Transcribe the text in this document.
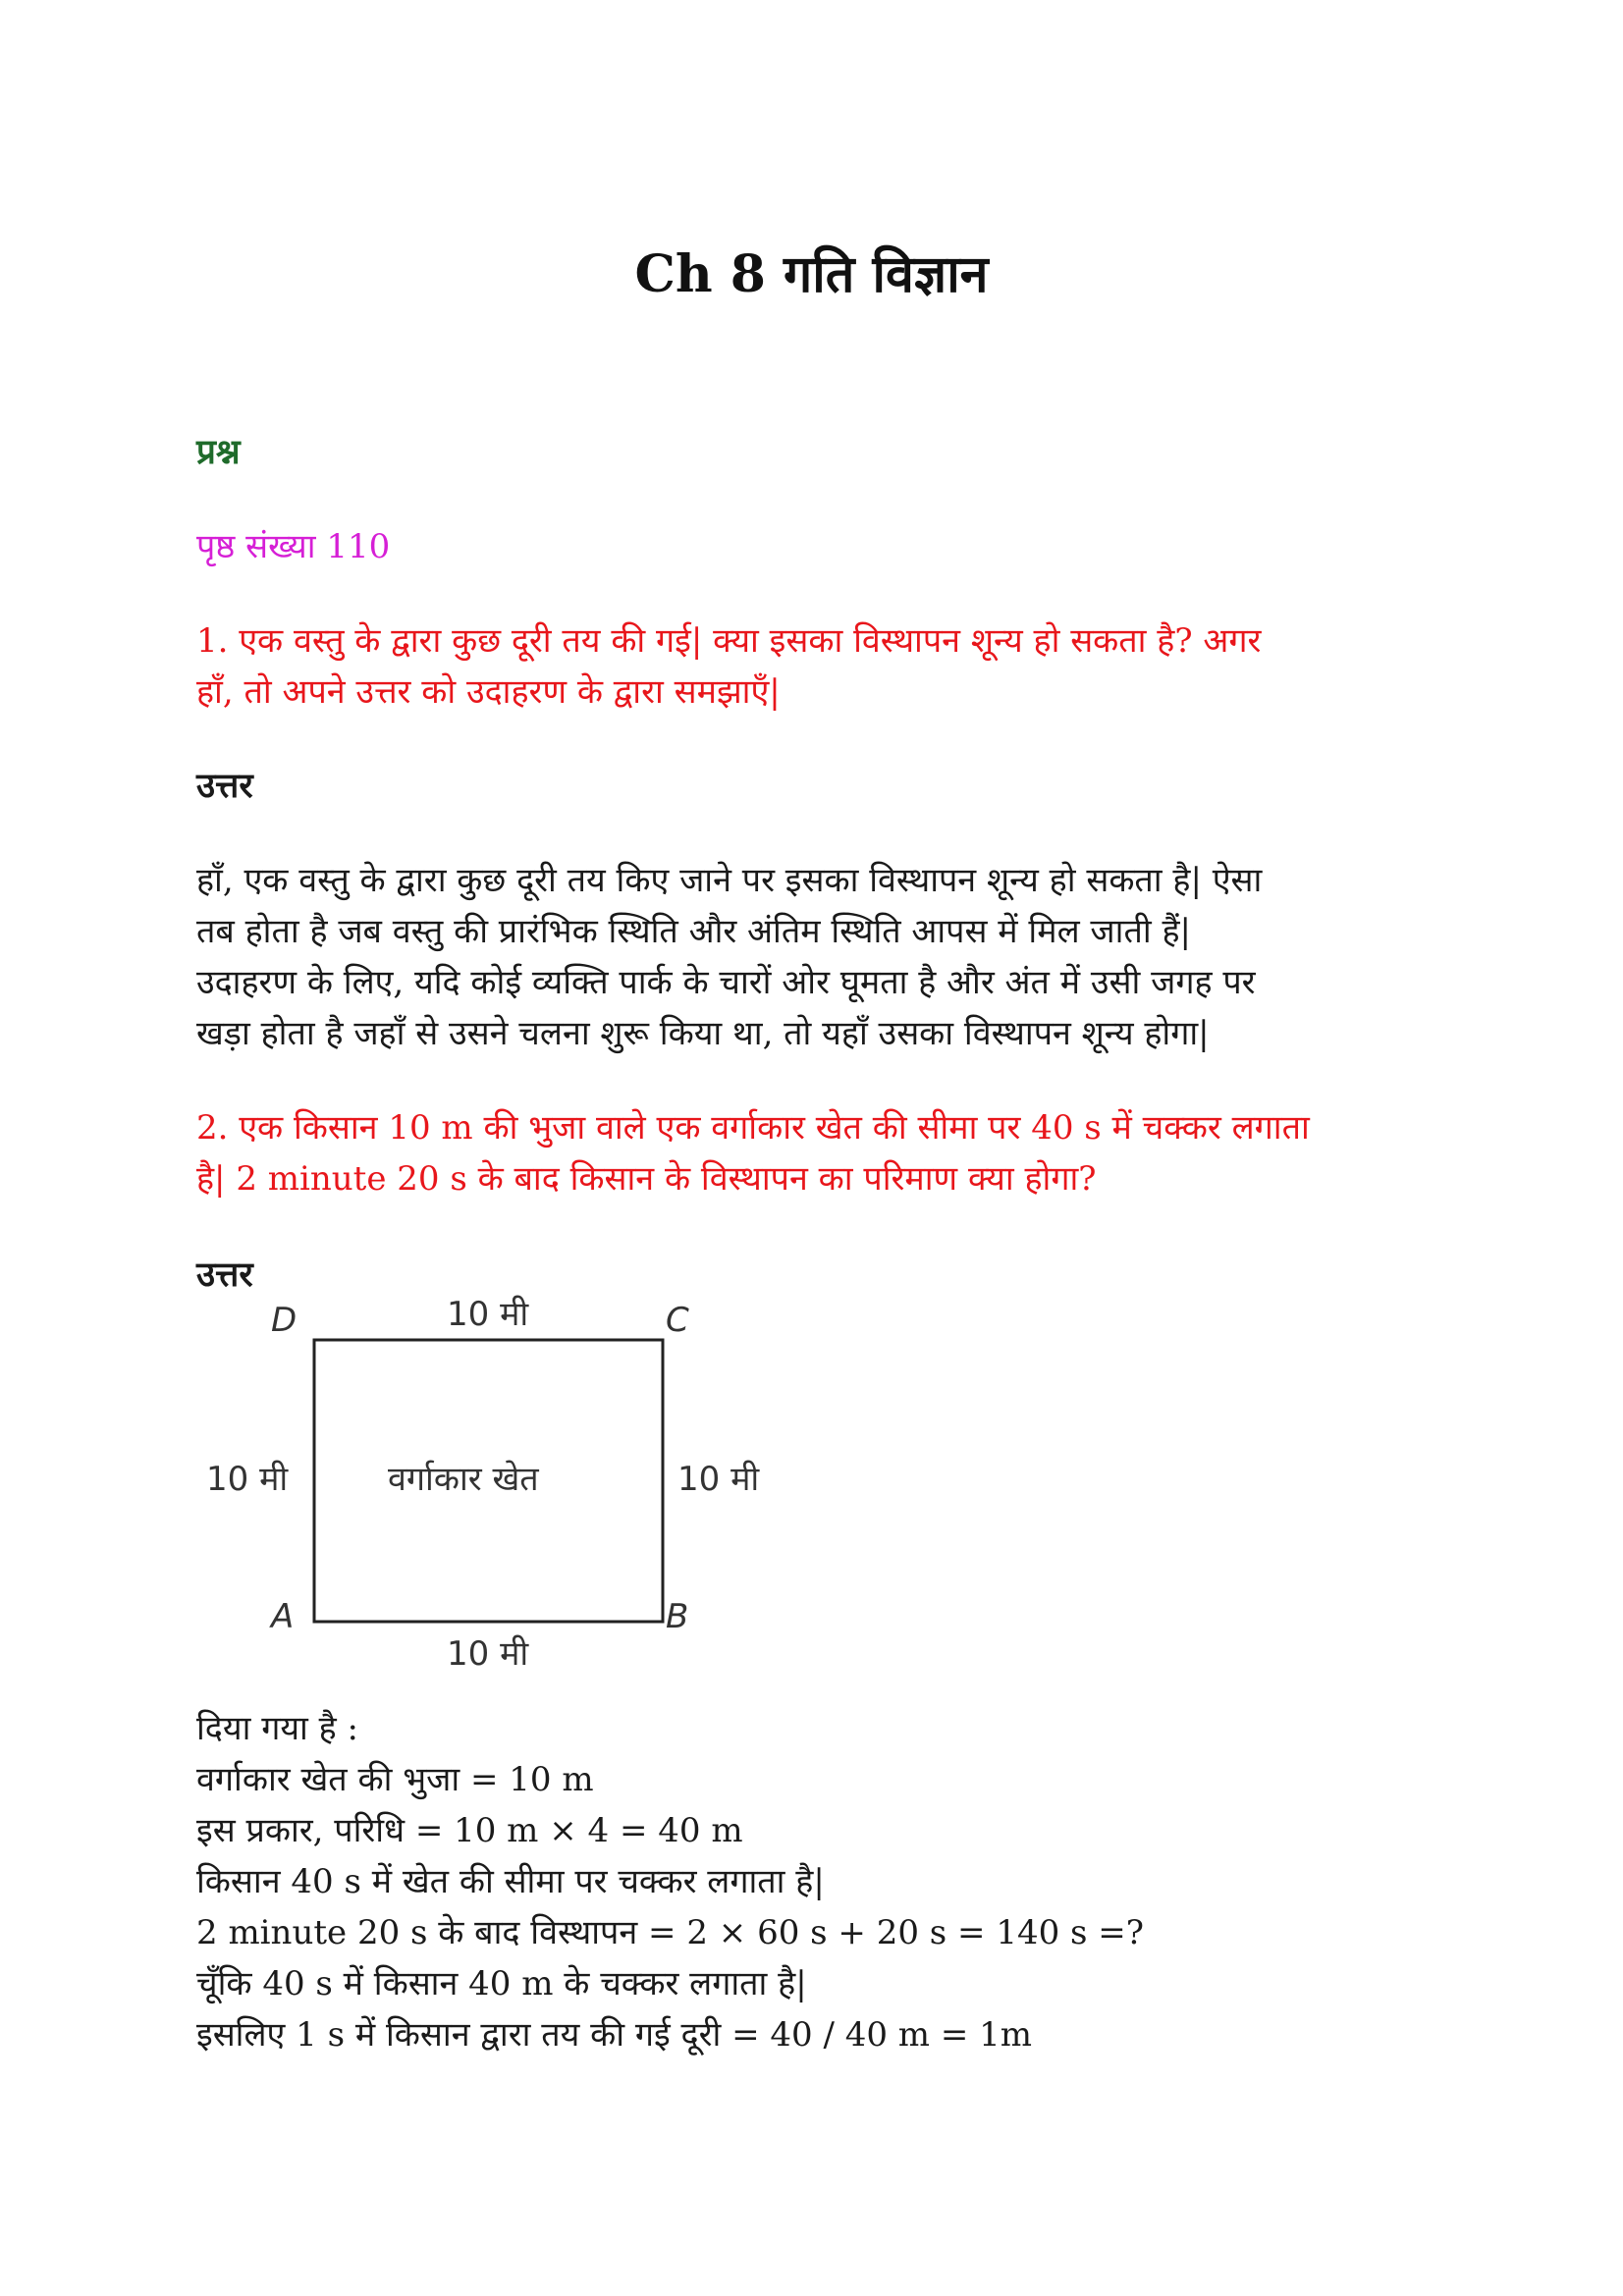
Ch 8 गति विज्ञान

प्रश्न

पृष्ठ संख्या 110

1. एक वस्तु के द्वारा कुछ दूरी तय की गई| क्या इसका विस्थापन शून्य हो सकता है? अगर

हाँ, तो अपने उत्तर को उदाहरण के द्वारा समझाएँ|

उत्तर

हाँ, एक वस्तु के द्वारा कुछ दूरी तय किए जाने पर इसका विस्थापन शून्य हो सकता है| ऐसा

तब होता है जब वस्तु की प्रारंभिक स्थिति और अंतिम स्थिति आपस में मिल जाती हैं|

उदाहरण के लिए, यदि कोई व्यक्ति पार्क के चारों ओर घूमता है और अंत में उसी जगह पर

खड़ा होता है जहाँ से उसने चलना शुरू किया था, तो यहाँ उसका विस्थापन शून्य होगा|

2. एक किसान 10 m की भुजा वाले एक वर्गाकार खेत की सीमा पर 40 s में चक्कर लगाता

है| 2 minute 20 s के बाद किसान के विस्थापन का परिमाण क्या होगा?

उत्तर

D	C
A	B
10 मी
10 मी
10 मी	10 मी
वर्गाकार खेत

दिया गया है :

वर्गाकार खेत की भुजा = 10 m

इस प्रकार, परिधि = 10 m × 4 = 40 m

किसान 40 s में खेत की सीमा पर चक्कर लगाता है|

2 minute 20 s के बाद विस्थापन = 2 × 60 s + 20 s = 140 s =?

चूँकि 40 s में किसान 40 m के चक्कर लगाता है|

इसलिए 1 s में किसान द्वारा तय की गई दूरी = 40 / 40 m = 1m
